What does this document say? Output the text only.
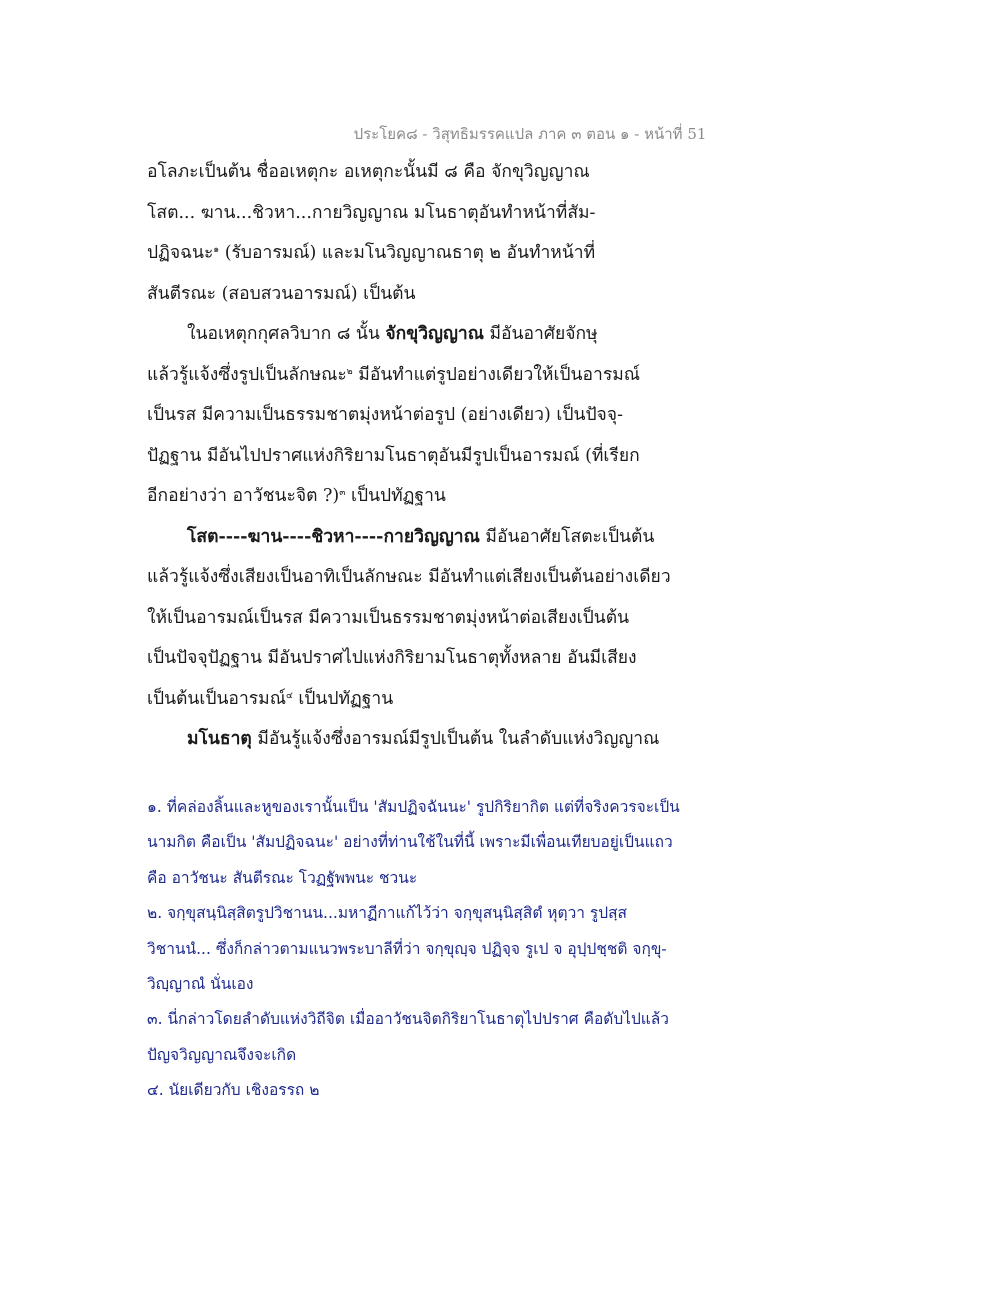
ประโยค๘ - วิสุทธิมรรคแปล ภาค ๓ ตอน ๑ - หน้าที่ 51
อโลภะเป็นต้น ชื่ออเหตุกะ อเหตุกะนั้นมี ๘ คือ จักขุวิญญาณ
โสต... ฆาน...ชิวหา...กายวิญญาณ มโนธาตุอันทำหน้าที่สัม-
ปฏิจฉนะ$^๑$ (รับอารมณ์) และมโนวิญญาณธาตุ ๒ อันทำหน้าที่
สันตีรณะ (สอบสวนอารมณ์) เป็นต้น
ในอเหตุกกุศลวิบาก ๘ นั้น จักขุวิญญาณ มีอันอาศัยจักษุ
แล้วรู้แจ้งซึ่งรูปเป็นลักษณะ$^๒$ มีอันทำแต่รูปอย่างเดียวให้เป็นอารมณ์
เป็นรส มีความเป็นธรรมชาตมุ่งหน้าต่อรูป (อย่างเดียว) เป็นปัจจุ-
ปัฏฐาน มีอันไปปราศแห่งกิริยามโนธาตุอันมีรูปเป็นอารมณ์ (ที่เรียก
อีกอย่างว่า อาวัชนะจิต ?)$^๓$ เป็นปทัฏฐาน
โสต----ฆาน----ชิวหา----กายวิญญาณ มีอันอาศัยโสตะเป็นต้น
แล้วรู้แจ้งซึ่งเสียงเป็นอาทิเป็นลักษณะ มีอันทำแต่เสียงเป็นต้นอย่างเดียว
ให้เป็นอารมณ์เป็นรส มีความเป็นธรรมชาตมุ่งหน้าต่อเสียงเป็นต้น
เป็นปัจจุปัฏฐาน มีอันปราศไปแห่งกิริยามโนธาตุทั้งหลาย อันมีเสียง
เป็นต้นเป็นอารมณ์$^๔$ เป็นปทัฏฐาน
มโนธาตุ มีอันรู้แจ้งซึ่งอารมณ์มีรูปเป็นต้น ในลำดับแห่งวิญญาณ
๑. ที่คล่องลิ้นและหูของเรานั้นเป็น 'สัมปฏิจฉันนะ' รูปกิริยากิต แต่ที่จริงควรจะเป็น
นามกิต คือเป็น 'สัมปฏิจฉนะ' อย่างที่ท่านใช้ในที่นี้ เพราะมีเพื่อนเทียบอยู่เป็นแถว
คือ อาวัชนะ สันตีรณะ โวฏฐัพพนะ ชวนะ
๒. จกฺขุสนฺนิสฺสิตรูปวิชานน...มหาฏีกาแก้ไว้ว่า จกฺขุสนฺนิสฺสิตํ หุตฺวา รูปสฺส
วิชานนํ... ซึ่งก็กล่าวตามแนวพระบาลีที่ว่า จกฺขุญฺจ ปฏิจฺจ รูเป จ อุปฺปชฺชติ จกฺขุ-
วิญฺญาณํ นั่นเอง
๓. นี่กล่าวโดยลำดับแห่งวิถีจิต เมื่ออาวัชนจิตกิริยาโนธาตุไปปราศ คือดับไปแล้ว
ปัญจวิญญาณจึงจะเกิด
๔. นัยเดียวกับ เชิงอรรถ ๒
